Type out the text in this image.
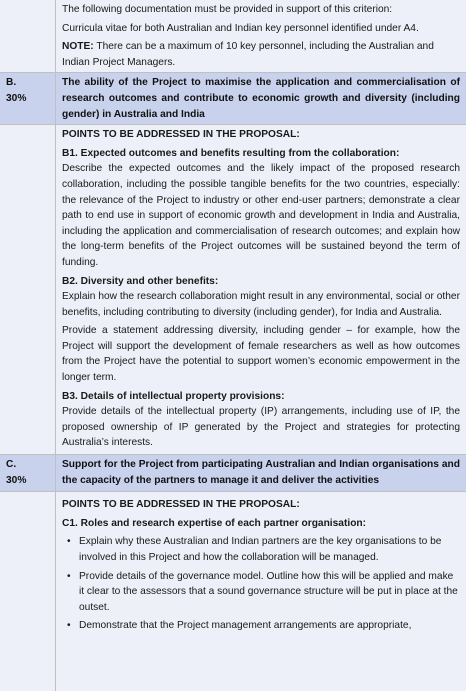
The following documentation must be provided in support of this criterion:

Curricula vitae for both Australian and Indian key personnel identified under A4.

NOTE: There can be a maximum of 10 key personnel, including the Australian and Indian Project Managers.

B.

30%

The ability of the Project to maximise the application and commercialisation of research outcomes and contribute to economic growth and diversity (including gender) in Australia and India

POINTS TO BE ADDRESSED IN THE PROPOSAL:

B1. Expected outcomes and benefits resulting from the collaboration:

Describe the expected outcomes and the likely impact of the proposed research collaboration, including the possible tangible benefits for the two countries, especially: the relevance of the Project to industry or other end-user partners; demonstrate a clear path to end use in support of economic growth and development in India and Australia, including the application and commercialisation of research outcomes; and explain how the long-term benefits of the Project outcomes will be sustained beyond the term of funding.

B2. Diversity and other benefits:

Explain how the research collaboration might result in any environmental, social or other benefits, including contributing to diversity (including gender), for India and Australia.

Provide a statement addressing diversity, including gender – for example, how the Project will support the development of female researchers as well as how outcomes from the Project have the potential to support women’s economic empowerment in the longer term.

B3. Details of intellectual property provisions:

Provide details of the intellectual property (IP) arrangements, including use of IP, the proposed ownership of IP generated by the Project and strategies for protecting Australia’s interests.

C.

30%

Support for the Project from participating Australian and Indian organisations and the capacity of the partners to manage it and deliver the activities

POINTS TO BE ADDRESSED IN THE PROPOSAL:

C1. Roles and research expertise of each partner organisation:

• Explain why these Australian and Indian partners are the key organisations to be involved in this Project and how the collaboration will be managed.
• Provide details of the governance model. Outline how this will be applied and make it clear to the assessors that a sound governance structure will be put in place at the outset.
• Demonstrate that the Project management arrangements are appropriate,
